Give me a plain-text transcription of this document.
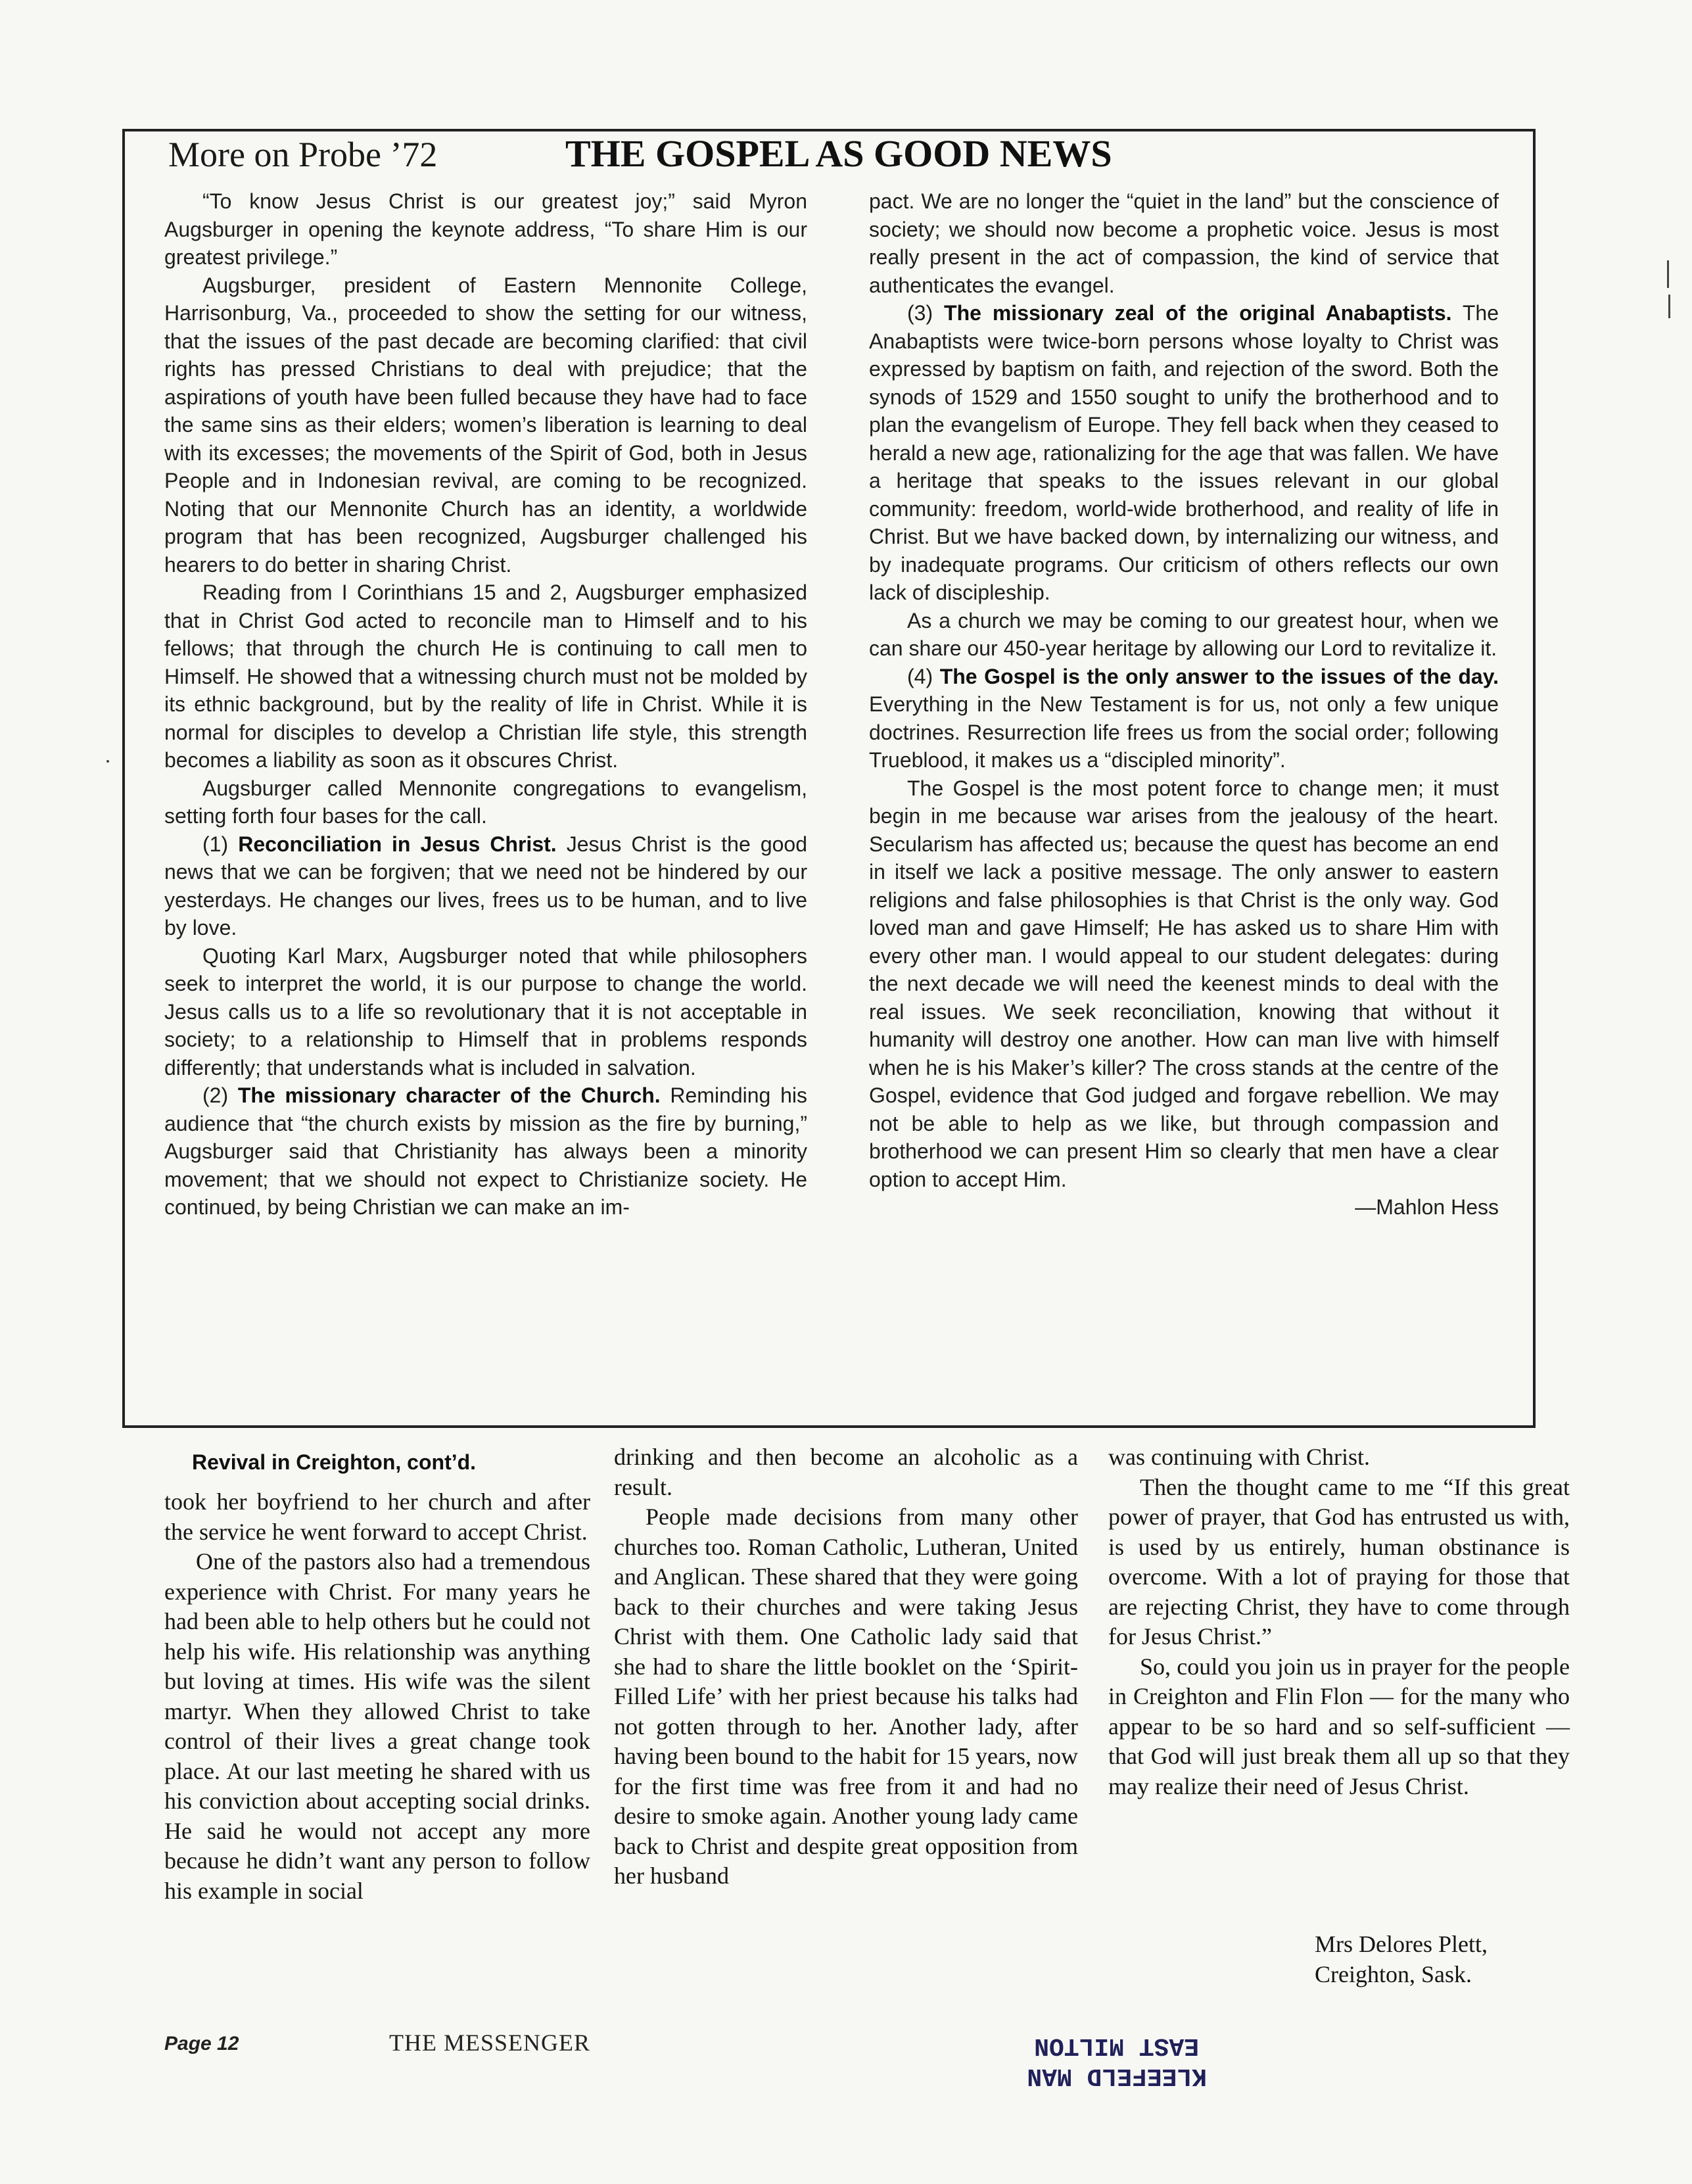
More on Probe ’72	THE GOSPEL AS GOOD NEWS

“To know Jesus Christ is our greatest joy;” said Myron Augsburger in opening the keynote address, “To share Him is our greatest privilege.”

Augsburger, president of Eastern Mennonite College, Harrisonburg, Va., proceeded to show the setting for our witness, that the issues of the past decade are becoming clarified: that civil rights has pressed Christians to deal with prejudice; that the aspirations of youth have been fulled because they have had to face the same sins as their elders; women’s liberation is learning to deal with its excesses; the movements of the Spirit of God, both in Jesus People and in Indonesian revival, are coming to be recognized. Noting that our Mennonite Church has an identity, a worldwide program that has been recognized, Augsburger challenged his hearers to do better in sharing Christ.

Reading from I Corinthians 15 and 2, Augsburger emphasized that in Christ God acted to reconcile man to Himself and to his fellows; that through the church He is continuing to call men to Himself. He showed that a witnessing church must not be molded by its ethnic background, but by the reality of life in Christ. While it is normal for disciples to develop a Christian life style, this strength becomes a liability as soon as it obscures Christ.

Augsburger called Mennonite congregations to evangelism, setting forth four bases for the call.

(1) Reconciliation in Jesus Christ. Jesus Christ is the good news that we can be forgiven; that we need not be hindered by our yesterdays. He changes our lives, frees us to be human, and to live by love.

Quoting Karl Marx, Augsburger noted that while philosophers seek to interpret the world, it is our purpose to change the world. Jesus calls us to a life so revolutionary that it is not acceptable in society; to a relationship to Himself that in problems responds differently; that understands what is included in salvation.

(2) The missionary character of the Church. Reminding his audience that “the church exists by mission as the fire by burning,” Augsburger said that Christianity has always been a minority movement; that we should not expect to Christianize society. He continued, by being Christian we can make an im-

pact. We are no longer the “quiet in the land” but the conscience of society; we should now become a prophetic voice. Jesus is most really present in the act of compassion, the kind of service that authenticates the evangel.

(3) The missionary zeal of the original Anabaptists. The Anabaptists were twice-born persons whose loyalty to Christ was expressed by baptism on faith, and rejection of the sword. Both the synods of 1529 and 1550 sought to unify the brotherhood and to plan the evangelism of Europe. They fell back when they ceased to herald a new age, rationalizing for the age that was fallen. We have a heritage that speaks to the issues relevant in our global community: freedom, world-wide brotherhood, and reality of life in Christ. But we have backed down, by internalizing our witness, and by inadequate programs. Our criticism of others reflects our own lack of discipleship.

As a church we may be coming to our greatest hour, when we can share our 450-year heritage by allowing our Lord to revitalize it.

(4) The Gospel is the only answer to the issues of the day. Everything in the New Testament is for us, not only a few unique doctrines. Resurrection life frees us from the social order; following Trueblood, it makes us a “discipled minority”.

The Gospel is the most potent force to change men; it must begin in me because war arises from the jealousy of the heart. Secularism has affected us; because the quest has become an end in itself we lack a positive message. The only answer to eastern religions and false philosophies is that Christ is the only way. God loved man and gave Himself; He has asked us to share Him with every other man. I would appeal to our student delegates: during the next decade we will need the keenest minds to deal with the real issues. We seek reconciliation, knowing that without it humanity will destroy one another. How can man live with himself when he is his Maker’s killer? The cross stands at the centre of the Gospel, evidence that God judged and forgave rebellion. We may not be able to help as we like, but through compassion and brotherhood we can present Him so clearly that men have a clear option to accept Him.

—Mahlon Hess
Revival in Creighton, cont’d.

took her boyfriend to her church and after the service he went forward to accept Christ.

One of the pastors also had a tremendous experience with Christ. For many years he had been able to help others but he could not help his wife. His relationship was anything but loving at times. His wife was the silent martyr. When they allowed Christ to take control of their lives a great change took place. At our last meeting he shared with us his conviction about accepting social drinks. He said he would not accept any more because he didn’t want any person to follow his example in social

drinking and then become an alcoholic as a result.

People made decisions from many other churches too. Roman Catholic, Lutheran, United and Anglican. These shared that they were going back to their churches and were taking Jesus Christ with them. One Catholic lady said that she had to share the little booklet on the ‘Spirit-Filled Life’ with her priest because his talks had not gotten through to her. Another lady, after having been bound to the habit for 15 years, now for the first time was free from it and had no desire to smoke again. Another young lady came back to Christ and despite great opposition from her husband

was continuing with Christ.

Then the thought came to me “If this great power of prayer, that God has entrusted us with, is used by us entirely, human obstinance is overcome. With a lot of praying for those that are rejecting Christ, they have to come through for Jesus Christ.”

So, could you join us in prayer for the people in Creighton and Flin Flon — for the many who appear to be so hard and so self-sufficient — that God will just break them all up so that they may realize their need of Jesus Christ.

Mrs Delores Plett,
Creighton, Sask.
Page 12	THE MESSENGER
KLEEFELD MAN
EAST MILTON
